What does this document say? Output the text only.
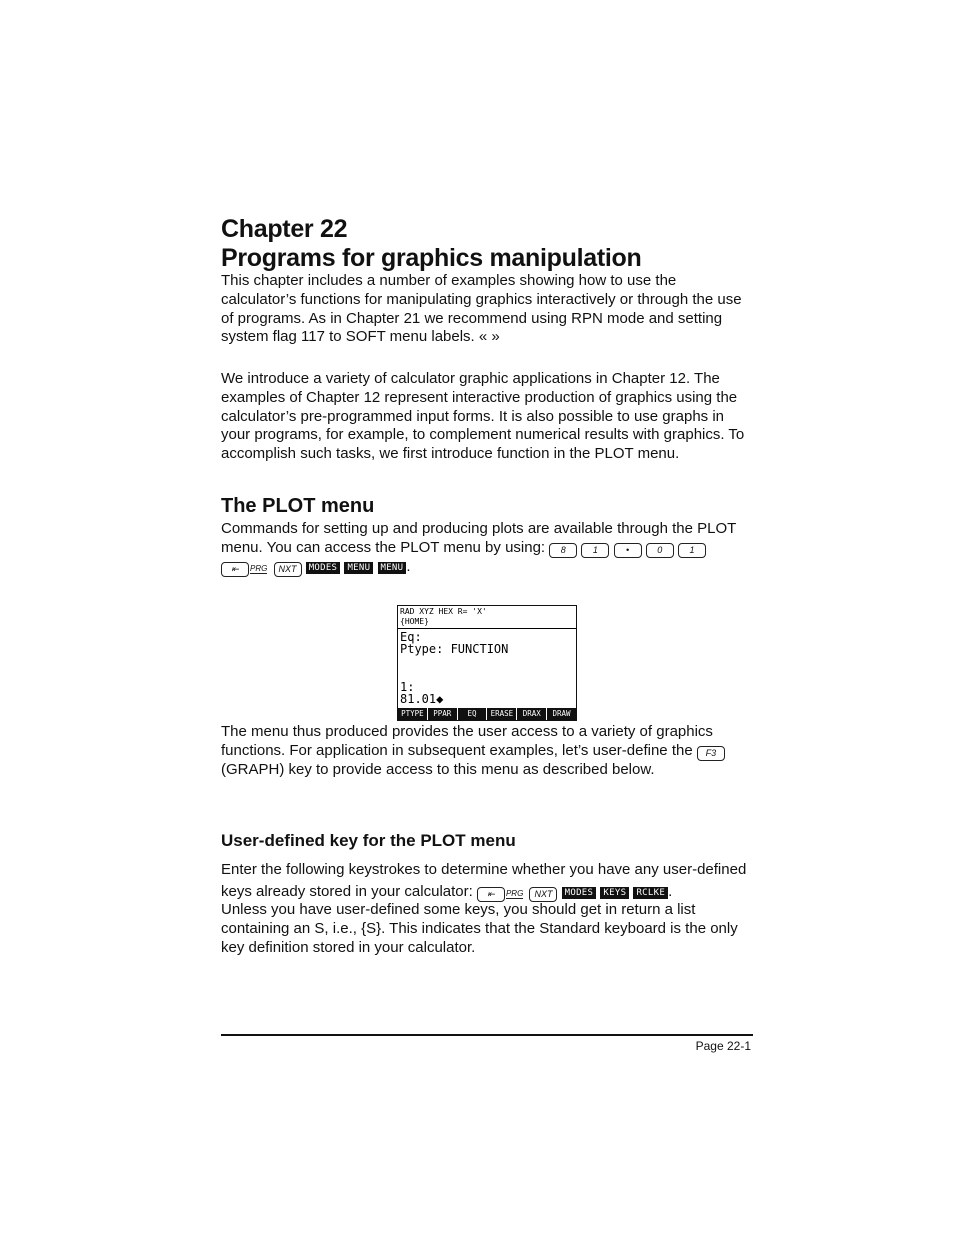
Chapter 22

Programs for graphics manipulation

This chapter includes a number of examples showing how to use the calculator’s functions for manipulating graphics interactively or through the use of programs. As in Chapter 21 we recommend using RPN mode and setting system flag 117 to SOFT menu labels. « »

We introduce a variety of calculator graphic applications in Chapter 12. The examples of Chapter 12 represent interactive production of graphics using the calculator’s pre-programmed input forms. It is also possible to use graphs in your programs, for example, to complement numerical results with graphics. To accomplish such tasks, we first introduce function in the PLOT menu.

The PLOT menu

Commands for setting up and producing plots are available through the PLOT menu. You can access the PLOT menu by using: 8	1	•	0	1
⇤ PRG NXT MODES MENU MENU .

RAD XYZ HEX R= 'X'
{HOME}
Eq:
Ptype: FUNCTION
1:
81.01◆
PTYPE	PPAR	EQ	ERASE	DRAX	DRAW

The menu thus produced provides the user access to a variety of graphics functions. For application in subsequent examples, let’s user-define the F3 (GRAPH) key to provide access to this menu as described below.

User-defined key for the PLOT menu

Enter the following keystrokes to determine whether you have any user-defined keys already stored in your calculator: ⇤ PRG NXT MODES KEYS RCLKE .

Unless you have user-defined some keys, you should get in return a list containing an S, i.e., {S}. This indicates that the Standard keyboard is the only key definition stored in your calculator.

Page 22-1
